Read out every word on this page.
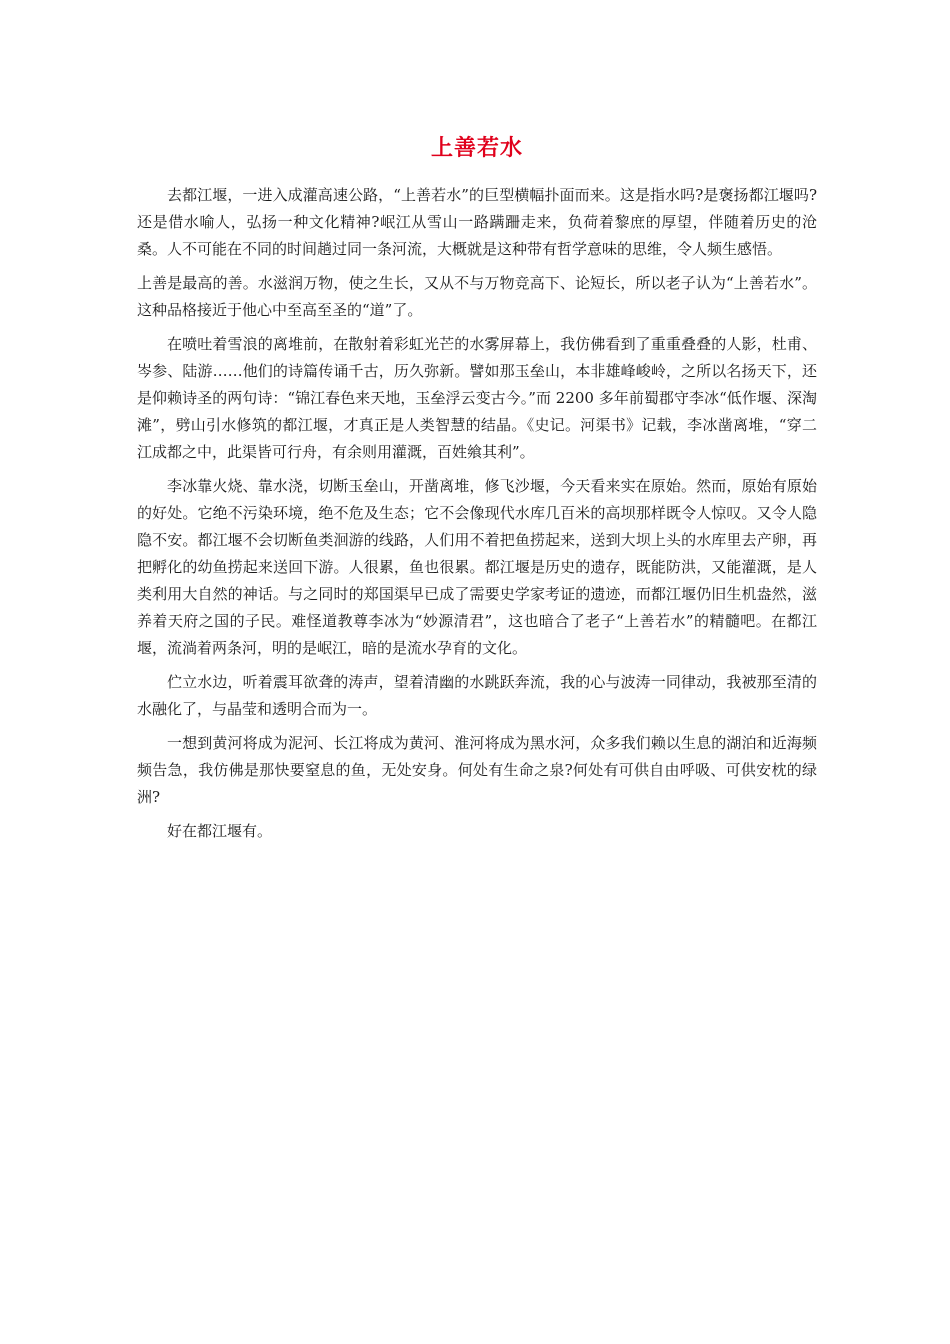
上善若水

去都江堰，一进入成灌高速公路，“上善若水”的巨型横幅扑面而来。这是指水吗?是褒扬都江堰吗?还是借水喻人，弘扬一种文化精神?岷江从雪山一路蹒跚走来，负荷着黎庶的厚望，伴随着历史的沧桑。人不可能在不同的时间趟过同一条河流，大概就是这种带有哲学意味的思维，令人频生感悟。

上善是最高的善。水滋润万物，使之生长，又从不与万物竞高下、论短长，所以老子认为“上善若水”。这种品格接近于他心中至高至圣的“道”了。

在喷吐着雪浪的离堆前，在散射着彩虹光芒的水雾屏幕上，我仿佛看到了重重叠叠的人影，杜甫、岑参、陆游……他们的诗篇传诵千古，历久弥新。譬如那玉垒山，本非雄峰峻岭，之所以名扬天下，还是仰赖诗圣的两句诗：“锦江春色来天地，玉垒浮云变古今。”而 2200 多年前蜀郡守李冰“低作堰、深淘滩”，劈山引水修筑的都江堰，才真正是人类智慧的结晶。《史记。河渠书》记载，李冰凿离堆，“穿二江成都之中，此渠皆可行舟，有余则用灌溉，百姓飨其利”。

李冰靠火烧、靠水浇，切断玉垒山，开凿离堆，修飞沙堰，今天看来实在原始。然而，原始有原始的好处。它绝不污染环境，绝不危及生态；它不会像现代水库几百米的高坝那样既令人惊叹。又令人隐隐不安。都江堰不会切断鱼类洄游的线路，人们用不着把鱼捞起来，送到大坝上头的水库里去产卵，再把孵化的幼鱼捞起来送回下游。人很累，鱼也很累。都江堰是历史的遗存，既能防洪，又能灌溉，是人类利用大自然的神话。与之同时的郑国渠早已成了需要史学家考证的遗迹，而都江堰仍旧生机盎然，滋养着天府之国的子民。难怪道教尊李冰为“妙源清君”，这也暗合了老子“上善若水”的精髓吧。在都江堰，流淌着两条河，明的是岷江，暗的是流水孕育的文化。

伫立水边，听着震耳欲聋的涛声，望着清幽的水跳跃奔流，我的心与波涛一同律动，我被那至清的水融化了，与晶莹和透明合而为一。

一想到黄河将成为泥河、长江将成为黄河、淮河将成为黑水河，众多我们赖以生息的湖泊和近海频频告急，我仿佛是那快要窒息的鱼，无处安身。何处有生命之泉?何处有可供自由呼吸、可供安枕的绿洲?

好在都江堰有。
